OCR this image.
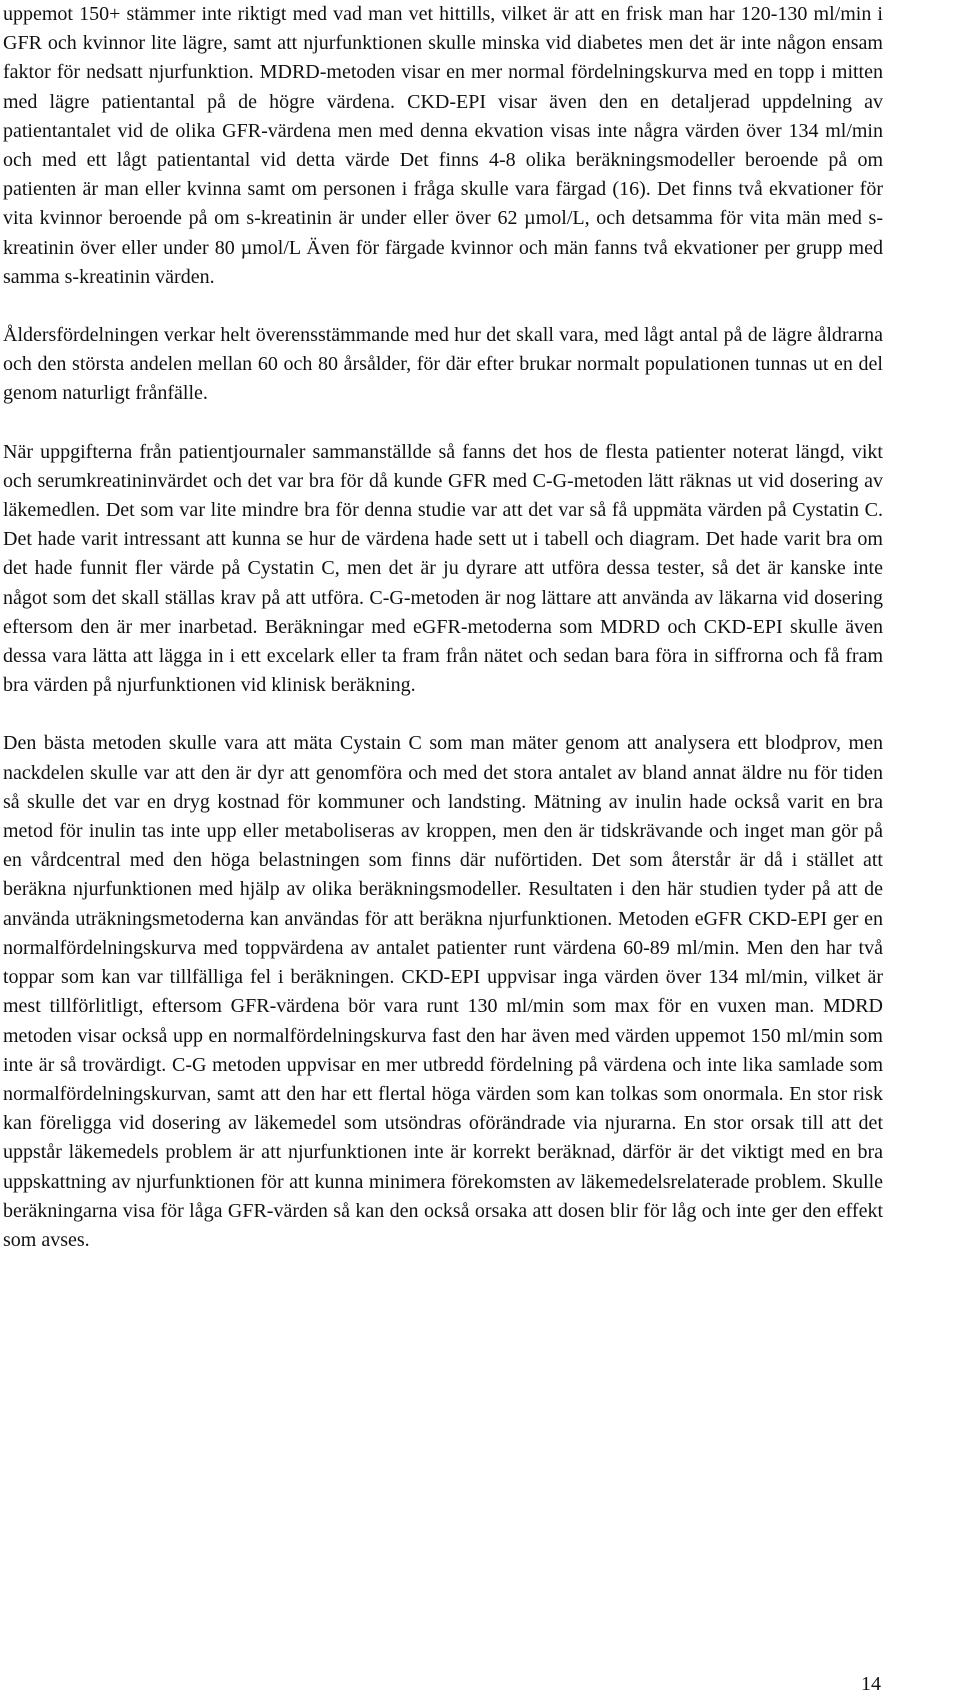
uppemot 150+ stämmer inte riktigt med vad man vet hittills, vilket är att en frisk man har 120-130 ml/min i GFR och kvinnor lite lägre, samt att njurfunktionen skulle minska vid diabetes men det är inte någon ensam faktor för nedsatt njurfunktion. MDRD-metoden visar en mer normal fördelningskurva med en topp i mitten med lägre patientantal på de högre värdena. CKD-EPI visar även den en detaljerad uppdelning av patientantalet vid de olika GFR-värdena men med denna ekvation visas inte några värden över 134 ml/min och med ett lågt patientantal vid detta värde Det finns 4-8 olika beräkningsmodeller beroende på om patienten är man eller kvinna samt om personen i fråga skulle vara färgad (16). Det finns två ekvationer för vita kvinnor beroende på om s-kreatinin är under eller över 62 µmol/L, och detsamma för vita män med s-kreatinin över eller under 80 µmol/L Även för färgade kvinnor och män fanns två ekvationer per grupp med samma s-kreatinin värden.

Åldersfördelningen verkar helt överensstämmande med hur det skall vara, med lågt antal på de lägre åldrarna och den största andelen mellan 60 och 80 årsålder, för där efter brukar normalt populationen tunnas ut en del genom naturligt frånfälle.

När uppgifterna från patientjournaler sammanställde så fanns det hos de flesta patienter noterat längd, vikt och serumkreatininvärdet och det var bra för då kunde GFR med C-G-metoden lätt räknas ut vid dosering av läkemedlen. Det som var lite mindre bra för denna studie var att det var så få uppmäta värden på Cystatin C. Det hade varit intressant att kunna se hur de värdena hade sett ut i tabell och diagram. Det hade varit bra om det hade funnit fler värde på Cystatin C, men det är ju dyrare att utföra dessa tester, så det är kanske inte något som det skall ställas krav på att utföra. C-G-metoden är nog lättare att använda av läkarna vid dosering eftersom den är mer inarbetad. Beräkningar med eGFR-metoderna som MDRD och CKD-EPI skulle även dessa vara lätta att lägga in i ett excelark eller ta fram från nätet och sedan bara föra in siffrorna och få fram bra värden på njurfunktionen vid klinisk beräkning.

Den bästa metoden skulle vara att mäta Cystain C som man mäter genom att analysera ett blodprov, men nackdelen skulle var att den är dyr att genomföra och med det stora antalet av bland annat äldre nu för tiden så skulle det var en dryg kostnad för kommuner och landsting. Mätning av inulin hade också varit en bra metod för inulin tas inte upp eller metaboliseras av kroppen, men den är tidskrävande och inget man gör på en vårdcentral med den höga belastningen som finns där nuförtiden. Det som återstår är då i stället att beräkna njurfunktionen med hjälp av olika beräkningsmodeller. Resultaten i den här studien tyder på att de använda uträkningsmetoderna kan användas för att beräkna njurfunktionen. Metoden eGFR CKD-EPI ger en normalfördelningskurva med toppvärdena av antalet patienter runt värdena 60-89 ml/min. Men den har två toppar som kan var tillfälliga fel i beräkningen. CKD-EPI uppvisar inga värden över 134 ml/min, vilket är mest tillförlitligt, eftersom GFR-värdena bör vara runt 130 ml/min som max för en vuxen man. MDRD metoden visar också upp en normalfördelningskurva fast den har även med värden uppemot 150 ml/min som inte är så trovärdigt. C-G metoden uppvisar en mer utbredd fördelning på värdena och inte lika samlade som normalfördelningskurvan, samt att den har ett flertal höga värden som kan tolkas som onormala. En stor risk kan föreligga vid dosering av läkemedel som utsöndras oförändrade via njurarna. En stor orsak till att det uppstår läkemedels problem är att njurfunktionen inte är korrekt beräknad, därför är det viktigt med en bra uppskattning av njurfunktionen för att kunna minimera förekomsten av läkemedelsrelaterade problem. Skulle beräkningarna visa för låga GFR-värden så kan den också orsaka att dosen blir för låg och inte ger den effekt som avses.

14
